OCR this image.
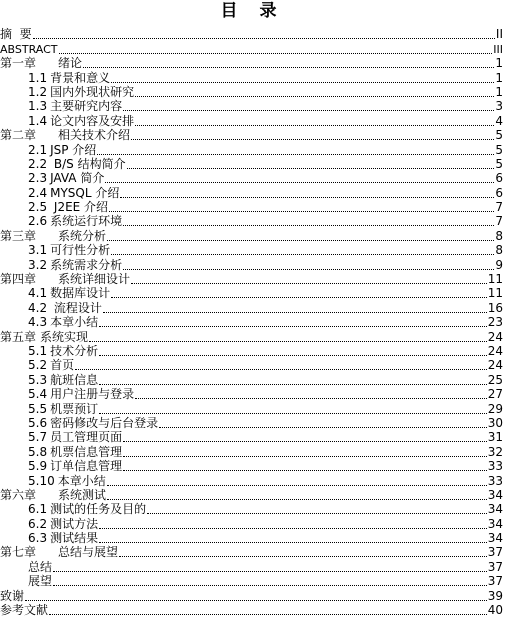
目 录
摘  要	II
ABSTRACT	III
第一章 绪论	1
1.1 背景和意义	1
1.2 国内外现状研究	1
1.3 主要研究内容	3
1.4 论文内容及安排	4
第二章 相关技术介绍	5
2.1 JSP 介绍	5
2.2 B/S 结构简介	5
2.3 JAVA 简介	6
2.4 MYSQL 介绍	6
2.5 J2EE 介绍	7
2.6 系统运行环境	7
第三章 系统分析	8
3.1 可行性分析	8
3.2 系统需求分析	9
第四章 系统详细设计	11
4.1 数据库设计	11
4.2 流程设计	16
4.3 本章小结	23
第五章 系统实现	24
5.1 技术分析	24
5.2 首页	24
5.3 航班信息	25
5.4 用户注册与登录	27
5.5 机票预订	29
5.6 密码修改与后台登录	30
5.7 员工管理页面	31
5.8 机票信息管理	32
5.9 订单信息管理	33
5.10 本章小结	33
第六章 系统测试	34
6.1 测试的任务及目的	34
6.2 测试方法	34
6.3 测试结果	34
第七章 总结与展望	37
总结	37
展望	37
致谢	39
参考文献	40
